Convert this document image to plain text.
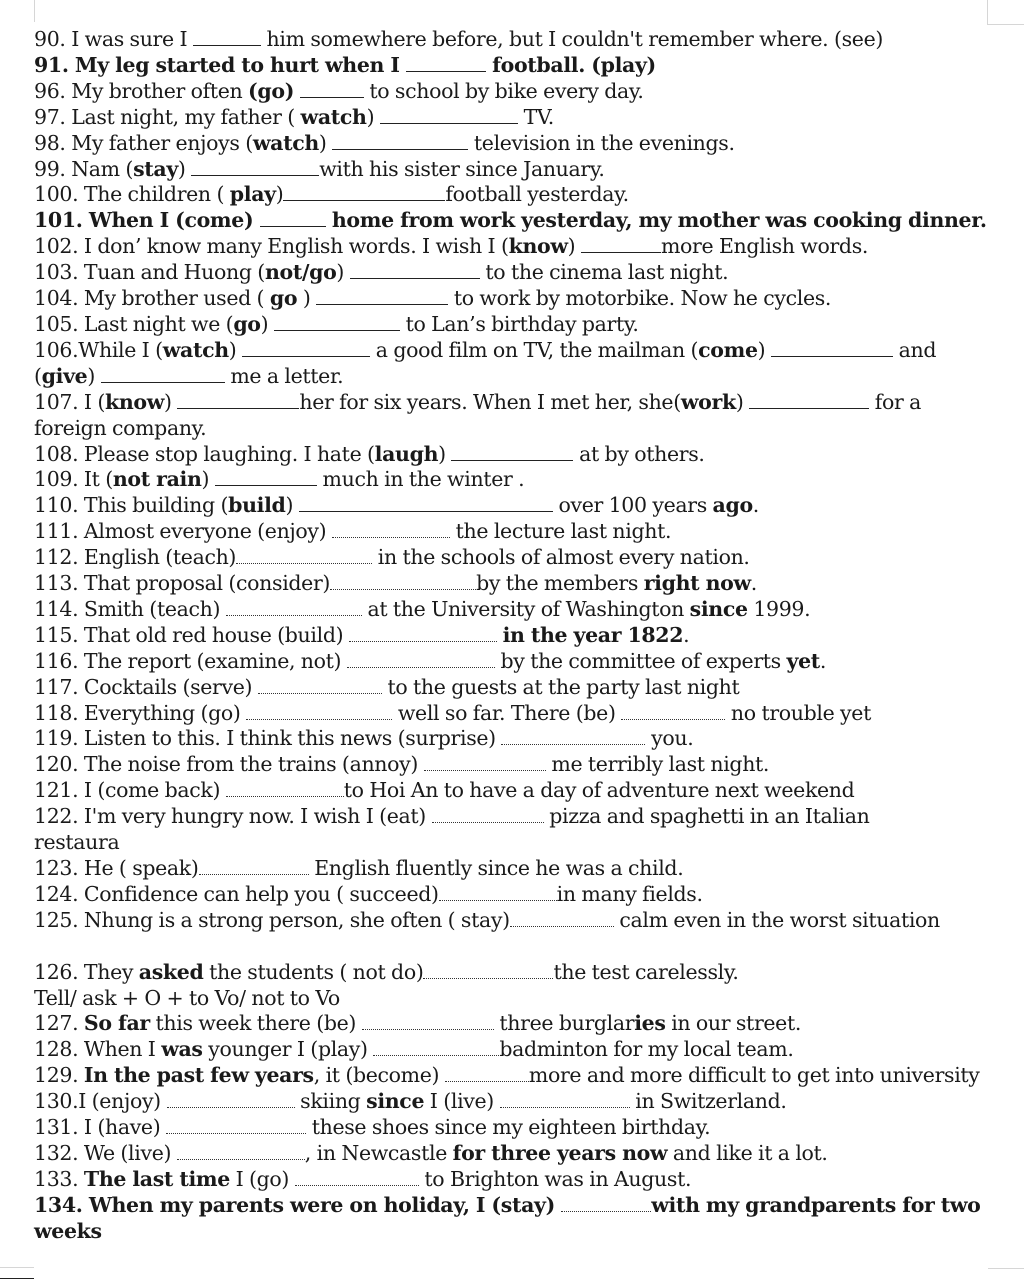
90. I was sure I	him somewhere before, but I couldn't remember where. (see)
91. My leg started to hurt when I	football. (play)
96. My brother often (go)	to school by bike every day.
97. Last night, my father ( watch)	TV.
98. My father enjoys (watch)	television in the evenings.
99. Nam (stay)	with his sister since January.
100. The children ( play)	football yesterday.
101. When I (come)	home from work yesterday, my mother was cooking dinner.
102. I don’ know many English words. I wish I (know)	more English words.
103. Tuan and Huong (not/go)	to the cinema last night.
104. My brother used ( go )	to work by motorbike. Now he cycles.
105. Last night we (go)	to Lan’s birthday party.
106.While I (watch)	a good film on TV, the mailman (come)	and
(give)	me a letter.
107. I (know)	her for six years. When I met her, she(work)	for a
foreign company.
108. Please stop laughing. I hate (laugh)	at by others.
109. It (not rain)	much in the winter .
110. This building (build)	over 100 years ago.
111. Almost everyone (enjoy)	the lecture last night.
112. English (teach)	in the schools of almost every nation.
113. That proposal (consider)	by the members right now.
114. Smith (teach)	at the University of Washington since 1999.
115. That old red house (build)	in the year 1822.
116. The report (examine, not)	by the committee of experts yet.
117. Cocktails (serve)	to the guests at the party last night
118. Everything (go)	well so far. There (be)	no trouble yet
119. Listen to this. I think this news (surprise)	you.
120. The noise from the trains (annoy)	me terribly last night.
121. I (come back)	to Hoi An to have a day of adventure next weekend
122. I'm very hungry now. I wish I (eat)	pizza and spaghetti in an Italian
restaura
123. He ( speak)	English fluently since he was a child.
124. Confidence can help you ( succeed)	in many fields.
125. Nhung is a strong person, she often ( stay)	calm even in the worst situation
126. They asked the students ( not do)	the test carelessly.
Tell/ ask + O + to Vo/ not to Vo
127. So far this week there (be)	three burglaries in our street.
128. When I was younger I (play)	badminton for my local team.
129. In the past few years, it (become)	more and more difficult to get into university
130.I (enjoy)	skiing since I (live)	in Switzerland.
131. I (have)	these shoes since my eighteen birthday.
132. We (live)	, in Newcastle for three years now and like it a lot.
133. The last time I (go)	to Brighton was in August.
134. When my parents were on holiday, I (stay)	with my grandparents for two
weeks
